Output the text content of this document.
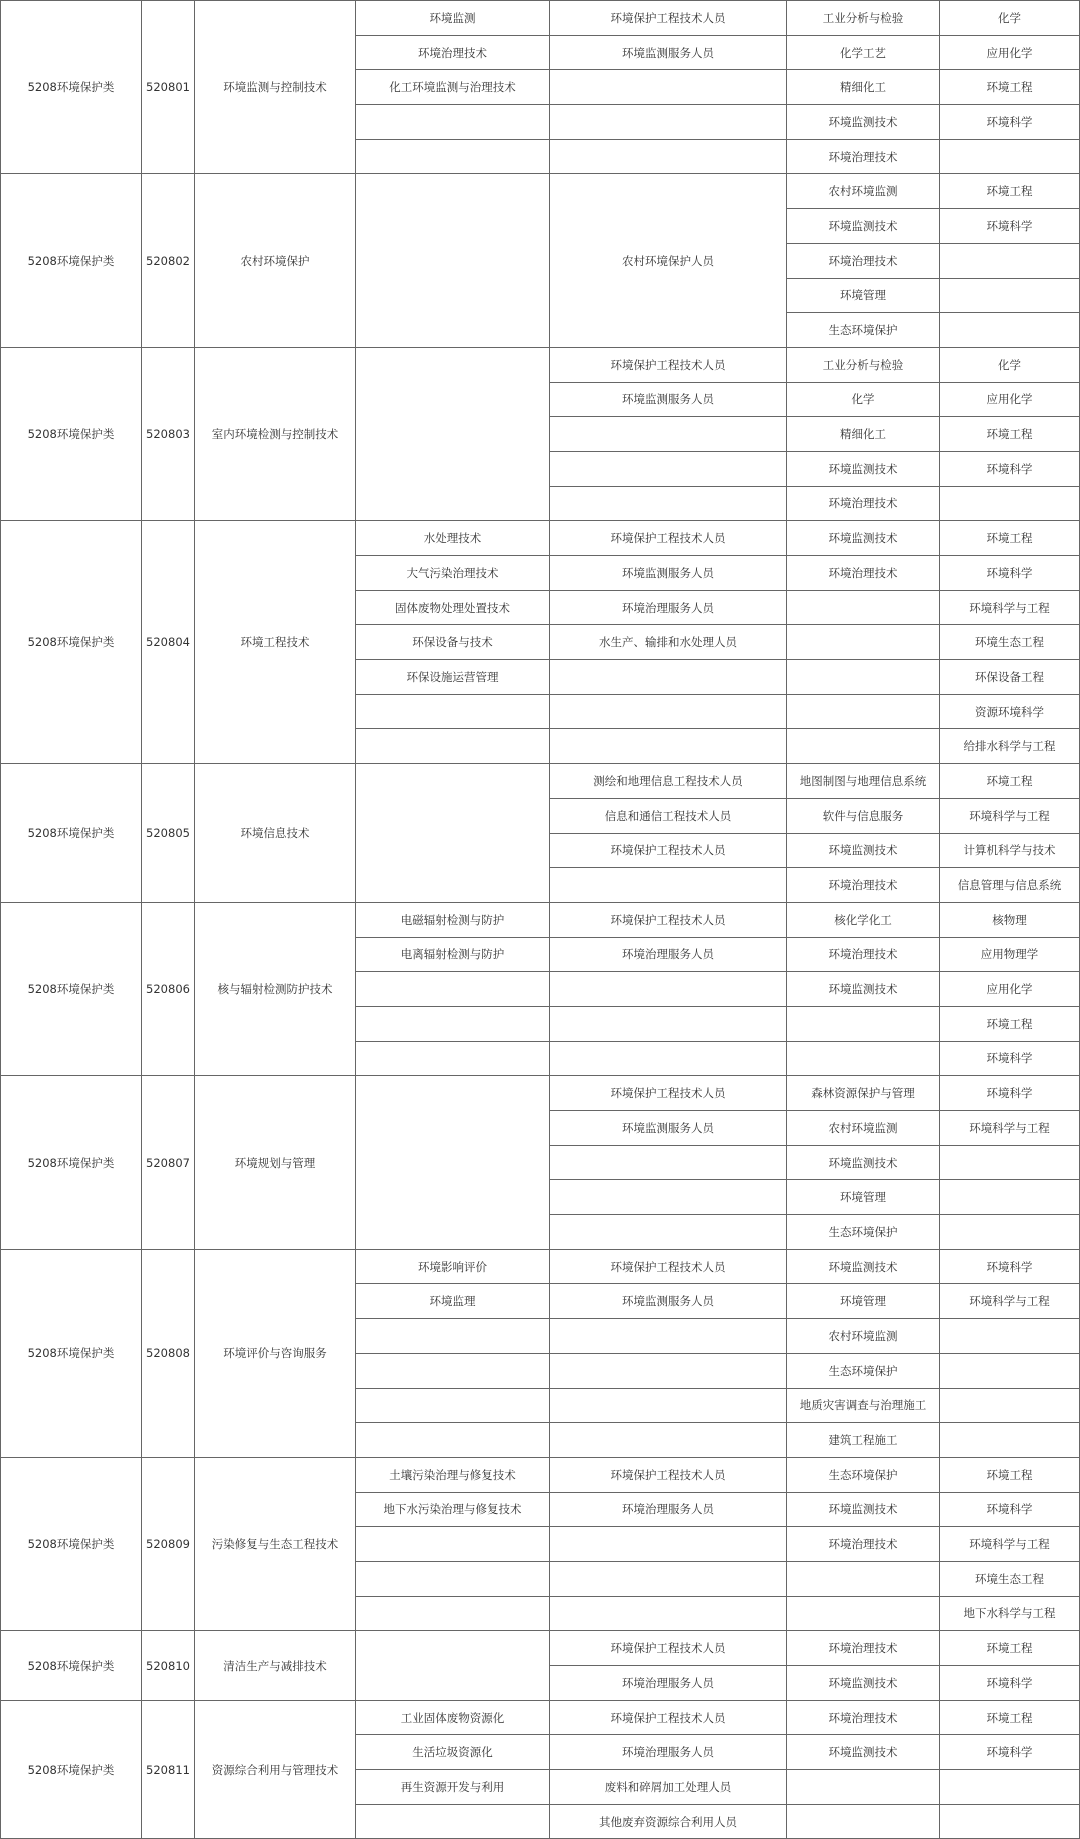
5208环境保护类	520801	环境监测与控制技术	环境监测	环境保护工程技术人员	工业分析与检验	化学
			环境治理技术	环境监测服务人员	化学工艺	应用化学
			化工环境监测与治理技术		精细化工	环境工程
					环境监测技术	环境科学
					环境治理技术	
5208环境保护类	520802	农村环境保护		农村环境保护人员	农村环境监测	环境工程
					环境监测技术	环境科学
					环境治理技术	
					环境管理	
					生态环境保护	
5208环境保护类	520803	室内环境检测与控制技术		环境保护工程技术人员	工业分析与检验	化学
				环境监测服务人员	化学	应用化学
					精细化工	环境工程
					环境监测技术	环境科学
					环境治理技术	
5208环境保护类	520804	环境工程技术	水处理技术	环境保护工程技术人员	环境监测技术	环境工程
			大气污染治理技术	环境监测服务人员	环境治理技术	环境科学
			固体废物处理处置技术	环境治理服务人员		环境科学与工程
			环保设备与技术	水生产、输排和水处理人员		环境生态工程
			环保设施运营管理			环保设备工程
						资源环境科学
						给排水科学与工程
5208环境保护类	520805	环境信息技术		测绘和地理信息工程技术人员	地图制图与地理信息系统	环境工程
				信息和通信工程技术人员	软件与信息服务	环境科学与工程
				环境保护工程技术人员	环境监测技术	计算机科学与技术
					环境治理技术	信息管理与信息系统
5208环境保护类	520806	核与辐射检测防护技术	电磁辐射检测与防护	环境保护工程技术人员	核化学化工	核物理
			电离辐射检测与防护	环境治理服务人员	环境治理技术	应用物理学
					环境监测技术	应用化学
						环境工程
						环境科学
5208环境保护类	520807	环境规划与管理		环境保护工程技术人员	森林资源保护与管理	环境科学
				环境监测服务人员	农村环境监测	环境科学与工程
					环境监测技术	
					环境管理	
					生态环境保护	
5208环境保护类	520808	环境评价与咨询服务	环境影响评价	环境保护工程技术人员	环境监测技术	环境科学
			环境监理	环境监测服务人员	环境管理	环境科学与工程
					农村环境监测	
					生态环境保护	
					地质灾害调查与治理施工	
					建筑工程施工	
5208环境保护类	520809	污染修复与生态工程技术	土壤污染治理与修复技术	环境保护工程技术人员	生态环境保护	环境工程
			地下水污染治理与修复技术	环境治理服务人员	环境监测技术	环境科学
					环境治理技术	环境科学与工程
						环境生态工程
						地下水科学与工程
5208环境保护类	520810	清洁生产与减排技术		环境保护工程技术人员	环境治理技术	环境工程
				环境治理服务人员	环境监测技术	环境科学
5208环境保护类	520811	资源综合利用与管理技术	工业固体废物资源化	环境保护工程技术人员	环境治理技术	环境工程
			生活垃圾资源化	环境治理服务人员	环境监测技术	环境科学
			再生资源开发与利用	废料和碎屑加工处理人员		
				其他废弃资源综合利用人员		
